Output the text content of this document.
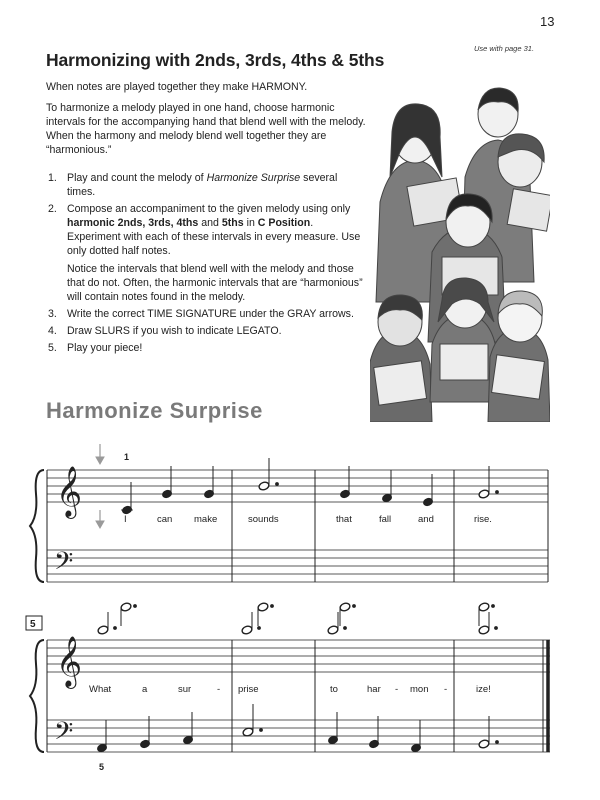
13
Use with page 31.
Harmonizing with 2nds, 3rds, 4ths & 5ths
When notes are played together they make HARMONY.
To harmonize a melody played in one hand, choose harmonic intervals for the accompanying hand that blend well with the melody. When the harmony and melody blend well together they are “harmonious.”
1. Play and count the melody of Harmonize Surprise several times.
2. Compose an accompaniment to the given melody using only harmonic 2nds, 3rds, 4ths and 5ths in C Position. Experiment with each of these intervals in every measure. Use only dotted half notes.
Notice the intervals that blend well with the melody and those that do not. Often, the harmonic intervals that are “harmonious” will contain notes found in the melody.
3. Write the correct TIME SIGNATURE under the GRAY arrows.
4. Draw SLURS if you wish to indicate LEGATO.
5. Play your piece!
Harmonize Surprise
𝄞
𝄢
1
I	can make	sounds	that	fall	and	rise.
5
𝄞
𝄢
What	a	sur	- prise	to	har - mon -	ize!
5
